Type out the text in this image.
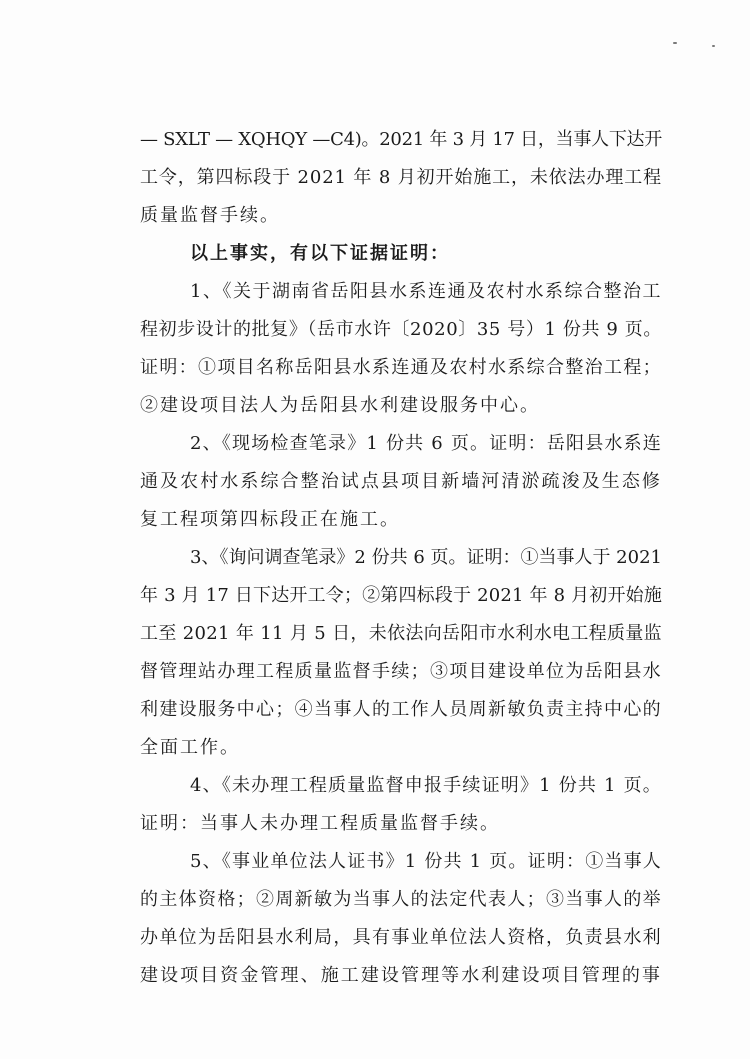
— SXLT — XQHQY —C4)。2021 年 3 月 17 日，当事人下达开
工令，第四标段于 2021 年 8 月初开始施工，未依法办理工程
质量监督手续。
以上事实，有以下证据证明：
1、《关于湖南省岳阳县水系连通及农村水系综合整治工
程初步设计的批复》（岳市水许〔2020〕35 号）1 份共 9 页。
证明：①项目名称岳阳县水系连通及农村水系综合整治工程；
②建设项目法人为岳阳县水利建设服务中心。
2、《现场检查笔录》1 份共 6 页。证明：岳阳县水系连
通及农村水系综合整治试点县项目新墙河清淤疏浚及生态修
复工程项第四标段正在施工。
3、《询问调查笔录》2 份共 6 页。证明：①当事人于 2021
年 3 月 17 日下达开工令；②第四标段于 2021 年 8 月初开始施
工至 2021 年 11 月 5 日，未依法向岳阳市水利水电工程质量监
督管理站办理工程质量监督手续；③项目建设单位为岳阳县水
利建设服务中心；④当事人的工作人员周新敏负责主持中心的
全面工作。
4、《未办理工程质量监督申报手续证明》1 份共 1 页。
证明：当事人未办理工程质量监督手续。
5、《事业单位法人证书》1 份共 1 页。证明：①当事人
的主体资格；②周新敏为当事人的法定代表人；③当事人的举
办单位为岳阳县水利局，具有事业单位法人资格，负责县水利
建设项目资金管理、施工建设管理等水利建设项目管理的事
